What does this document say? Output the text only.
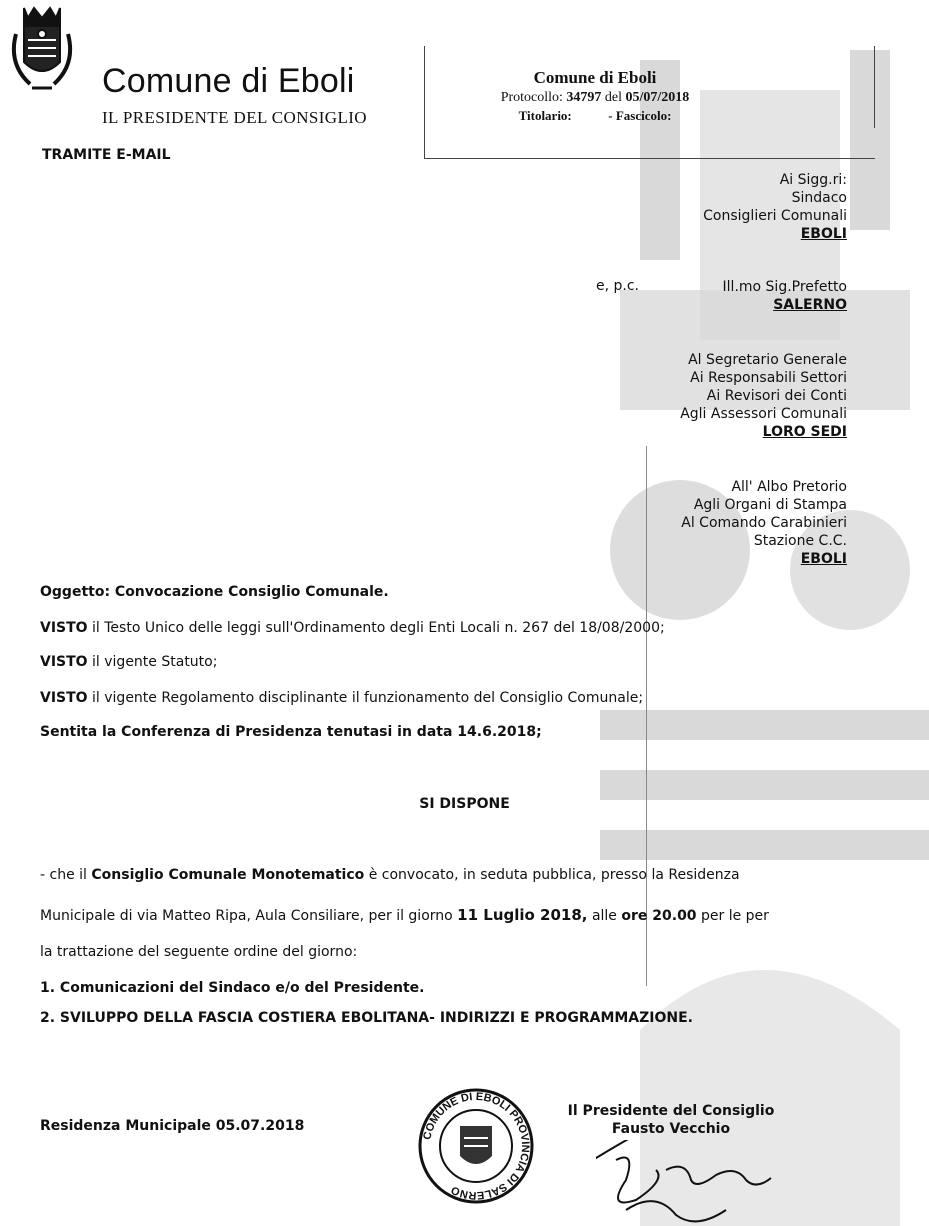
Comune di Eboli
IL PRESIDENTE DEL CONSIGLIO
TRAMITE E-MAIL
Comune di Eboli
Protocollo: 34797 del 05/07/2018
Titolario:	- Fascicolo:
Ai Sigg.ri:
Sindaco
Consiglieri Comunali
EBOLI
e, p.c.	Ill.mo Sig.Prefetto
SALERNO
Al Segretario Generale
Ai Responsabili Settori
Ai Revisori dei Conti
Agli Assessori Comunali
LORO SEDI
All' Albo Pretorio
Agli Organi di Stampa
Al Comando Carabinieri
Stazione C.C.
EBOLI
Oggetto: Convocazione Consiglio Comunale.
VISTO il Testo Unico delle leggi sull'Ordinamento degli Enti Locali n. 267 del 18/08/2000;
VISTO il vigente Statuto;
VISTO il vigente Regolamento disciplinante il funzionamento del Consiglio Comunale;
Sentita la Conferenza di Presidenza tenutasi in data 14.6.2018;
SI DISPONE
- che il Consiglio Comunale Monotematico è convocato, in seduta pubblica, presso la Residenza
Municipale di via Matteo Ripa, Aula Consiliare, per il giorno 11 Luglio 2018, alle ore 20.00 per le per
la trattazione del seguente ordine del giorno:
1. Comunicazioni del Sindaco e/o del Presidente.
2. SVILUPPO DELLA FASCIA COSTIERA EBOLITANA- INDIRIZZI E PROGRAMMAZIONE.
Residenza Municipale 05.07.2018
COMUNE DI EBOLI PROVINCIA DI SALERNO
Il Presidente del Consiglio
Fausto Vecchio
